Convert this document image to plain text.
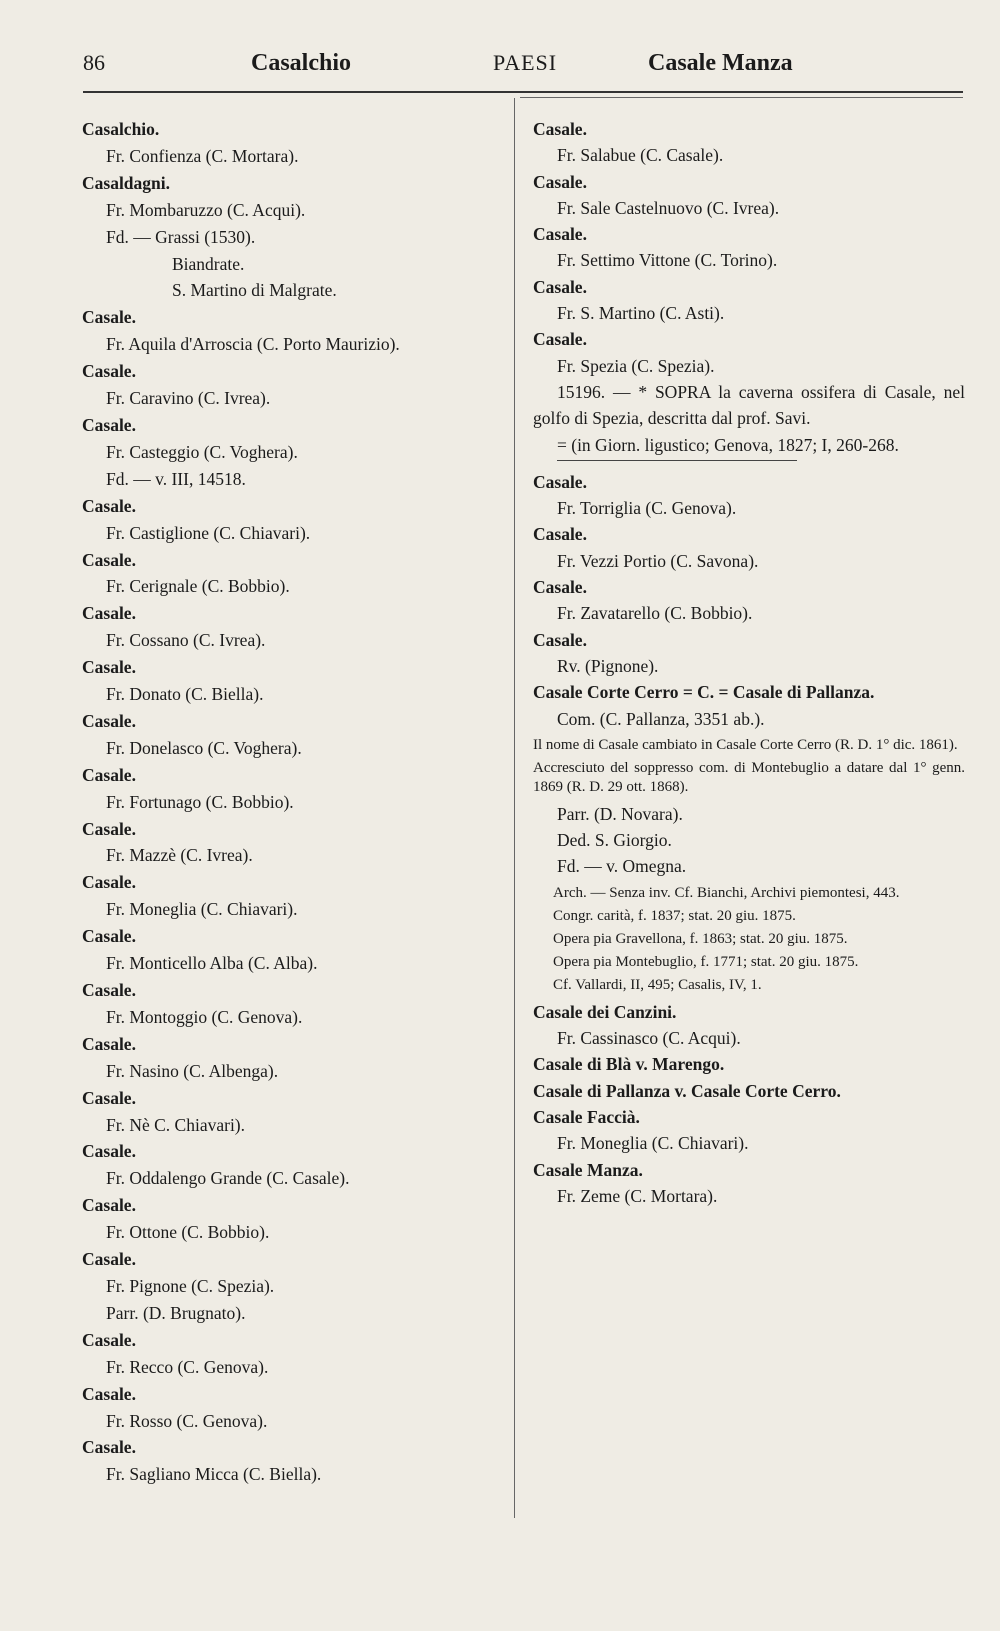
86	Casalchio	PAESI	Casale Manza
Casalchio.
Fr. Confienza (C. Mortara).
Casaldagni.
Fr. Mombaruzzo (C. Acqui).
Fd. — Grassi (1530).
Biandrate.
S. Martino di Malgrate.
Casale.
Fr. Aquila d'Arroscia (C. Porto Maurizio).
Casale.
Fr. Caravino (C. Ivrea).
Casale.
Fr. Casteggio (C. Voghera).
Fd. — v. III, 14518.
Casale.
Fr. Castiglione (C. Chiavari).
Casale.
Fr. Cerignale (C. Bobbio).
Casale.
Fr. Cossano (C. Ivrea).
Casale.
Fr. Donato (C. Biella).
Casale.
Fr. Donelasco (C. Voghera).
Casale.
Fr. Fortunago (C. Bobbio).
Casale.
Fr. Mazzè (C. Ivrea).
Casale.
Fr. Moneglia (C. Chiavari).
Casale.
Fr. Monticello Alba (C. Alba).
Casale.
Fr. Montoggio (C. Genova).
Casale.
Fr. Nasino (C. Albenga).
Casale.
Fr. Nè C. Chiavari).
Casale.
Fr. Oddalengo Grande (C. Casale).
Casale.
Fr. Ottone (C. Bobbio).
Casale.
Fr. Pignone (C. Spezia).
Parr. (D. Brugnato).
Casale.
Fr. Recco (C. Genova).
Casale.
Fr. Rosso (C. Genova).
Casale.
Fr. Sagliano Micca (C. Biella).
Casale.
Fr. Salabue (C. Casale).
Casale.
Fr. Sale Castelnuovo (C. Ivrea).
Casale.
Fr. Settimo Vittone (C. Torino).
Casale.
Fr. S. Martino (C. Asti).
Casale.
Fr. Spezia (C. Spezia).
15196. — * SOPRA la caverna ossifera di Casale, nel golfo di Spezia, descritta dal prof. Savi.
= (in Giorn. ligustico; Genova, 1827; I, 260-268.
Casale.
Fr. Torriglia (C. Genova).
Casale.
Fr. Vezzi Portio (C. Savona).
Casale.
Fr. Zavatarello (C. Bobbio).
Casale.
Rv. (Pignone).
Casale Corte Cerro = C. = Casale di Pallanza.
Com. (C. Pallanza, 3351 ab.).
Il nome di Casale cambiato in Casale Corte Cerro (R. D. 1° dic. 1861).
Accresciuto del soppresso com. di Montebuglio a datare dal 1° genn. 1869 (R. D. 29 ott. 1868).
Parr. (D. Novara).
Ded. S. Giorgio.
Fd. — v. Omegna.
Arch. — Senza inv. Cf. Bianchi, Archivi piemontesi, 443.
Congr. carità, f. 1837; stat. 20 giu. 1875.
Opera pia Gravellona, f. 1863; stat. 20 giu. 1875.
Opera pia Montebuglio, f. 1771; stat. 20 giu. 1875.
Cf. Vallardi, II, 495; Casalis, IV, 1.
Casale dei Canzini.
Fr. Cassinasco (C. Acqui).
Casale di Blà v. Marengo.
Casale di Pallanza v. Casale Corte Cerro.
Casale Faccià.
Fr. Moneglia (C. Chiavari).
Casale Manza.
Fr. Zeme (C. Mortara).
